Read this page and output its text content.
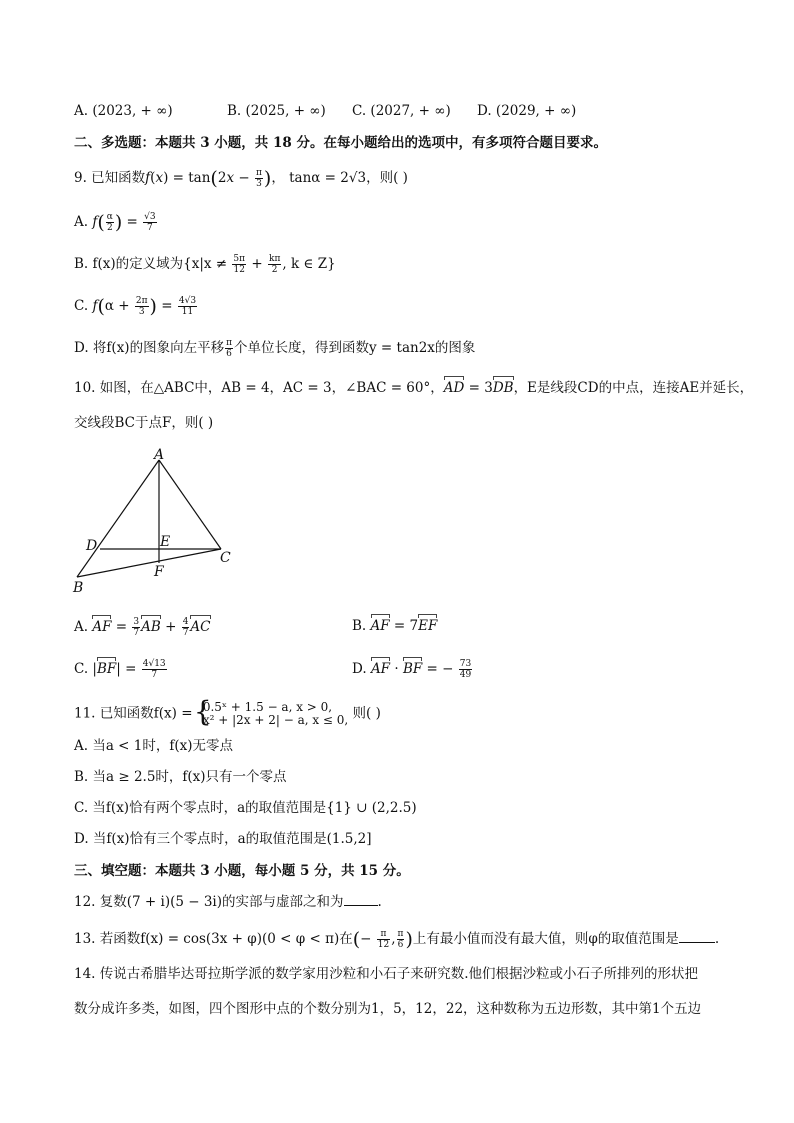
A. (2023, + ∞)	B. (2025, + ∞) C. (2027, + ∞) D. (2029, + ∞)
二、多选题：本题共 3 小题，共 18 分。在每小题给出的选项中，有多项符合题目要求。
9. 已知函数$f(x) = \tan(2x - \frac{\pi}{3}$ )， tanα = 2√3，则( )
A. $f( \frac{\alpha}{2}$ ) = $\frac{√3}{7}$
B. f(x)的定义域为{$x|x \ne \frac{5\pi}{12} + \frac{k\pi}{2}$ , k ∈ Z}
C. $f(\alpha + \frac{2\pi}{3}$ ) = $\frac{4√3}{11}$
D. 将f(x)的图象向左平移 $\frac{\pi}{6}$ 个单位长度，得到函数y = tan2x的图象
10. 如图，在△ABC中，AB = 4，AC = 3，∠BAC = 60°，AD = 3DB，E是线段CD的中点，连接AE并延长，
交线段BC于点F，则( )
A
B
C
D	E
F
A. AF = $\frac{3}{7}$ AB + $\frac{4}{7}$ AC	B. AF = 7EF
C. $|BF| = \frac{4√13}{7}$	D. AF · BF = − $\frac{73}{49}$
11. 已知函数f(x) =
{ 0.5ˣ + 1.5 − a, x > 0,
x² + |2x + 2| − a, x ≤ 0, 则( )
A. 当a < 1时，f(x)无零点
B. 当a ≥ 2.5时，f(x)只有一个零点
C. 当f(x)恰有两个零点时，a的取值范围是{1} ∪ (2,2.5)
D. 当f(x)恰有三个零点时，a的取值范围是(1.5,2]
三、填空题：本题共 3 小题，每小题 5 分，共 15 分。
12. 复数(7 + i)(5 − 3i)的实部与虚部之和为	.
13. 若函数f(x) = cos(3x + φ)(0 < φ < π)在(− $\frac{\pi}{12}$ , $\frac{\pi}{6}$ )上有最小值而没有最大值，则φ的取值范围是	.
14. 传说古希腊毕达哥拉斯学派的数学家用沙粒和小石子来研究数.他们根据沙粒或小石子所排列的形状把
数分成许多类，如图，四个图形中点的个数分别为1，5，12，22，这种数称为五边形数，其中第1个五边
